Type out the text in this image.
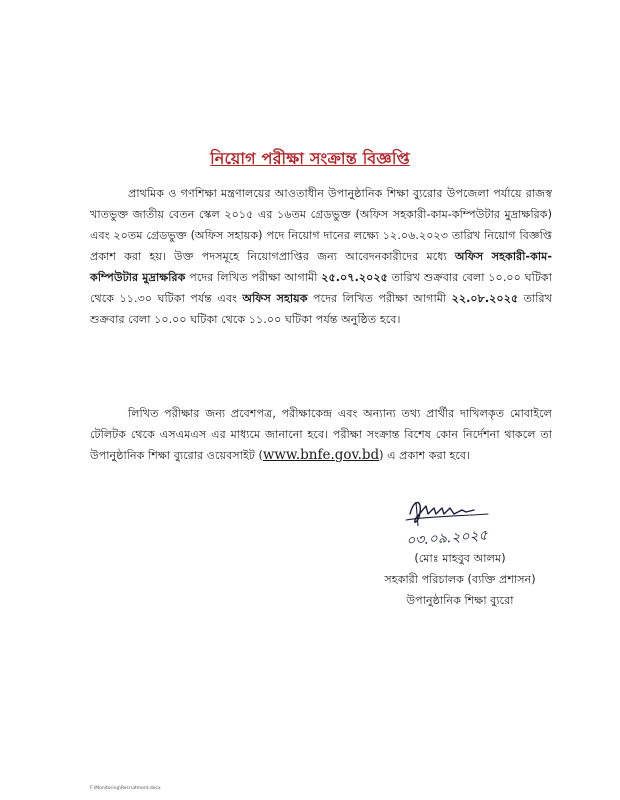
নিয়োগ পরীক্ষা সংক্রান্ত বিজ্ঞপ্তি

প্রাথমিক ও গণশিক্ষা মন্ত্রণালয়ের আওতাধীন উপানুষ্ঠানিক শিক্ষা ব্যুরোর উপজেলা পর্যায়ে রাজস্ব খাতভুক্ত জাতীয় বেতন স্কেল ২০১৫ এর ১৬তম গ্রেডভুক্ত (অফিস সহকারী-কাম-কম্পিউটার মুদ্রাক্ষরিক) এবং ২০তম গ্রেডভুক্ত (অফিস সহায়ক) পদে নিয়োগ দানের লক্ষ্যে ১২.০৬.২০২৩ তারিখ নিয়োগ বিজ্ঞপ্তি প্রকাশ করা হয়। উক্ত পদসমূহে নিয়োগপ্রাপ্তির জন্য আবেদনকারীদের মধ্যে অফিস সহকারী-কাম-কম্পিউটার মুদ্রাক্ষরিক পদের লিখিত পরীক্ষা আগামী ২৫.০৭.২০২৫ তারিখ শুক্রবার বেলা ১০.০০ ঘটিকা থেকে ১১.৩০ ঘটিকা পর্যন্ত এবং অফিস সহায়ক পদের লিখিত পরীক্ষা আগামী ২২.০৮.২০২৫ তারিখ শুক্রবার বেলা ১০.০০ ঘটিকা থেকে ১১.০০ ঘটিকা পর্যন্ত অনুষ্ঠিত হবে।

লিখিত পরীক্ষার জন্য প্রবেশপত্র, পরীক্ষাকেন্দ্র এবং অন্যান্য তথ্য প্রার্থীর দাখিলকৃত মোবাইলে টেলিটক থেকে এসএমএস এর মাধ্যমে জানানো হবে। পরীক্ষা সংক্রান্ত বিশেষ কোন নির্দেশনা থাকলে তা উপানুষ্ঠানিক শিক্ষা ব্যুরোর ওয়েবসাইট (www.bnfe.gov.bd) এ প্রকাশ করা হবে।

০৩.০৯.২০২৫
(মোঃ মাহবুব আলম)
সহকারী পরিচালক (ব্যক্তি প্রশাসন)
উপানুষ্ঠানিক শিক্ষা ব্যুরো
F:\Monitoring\Recruitment.docx
